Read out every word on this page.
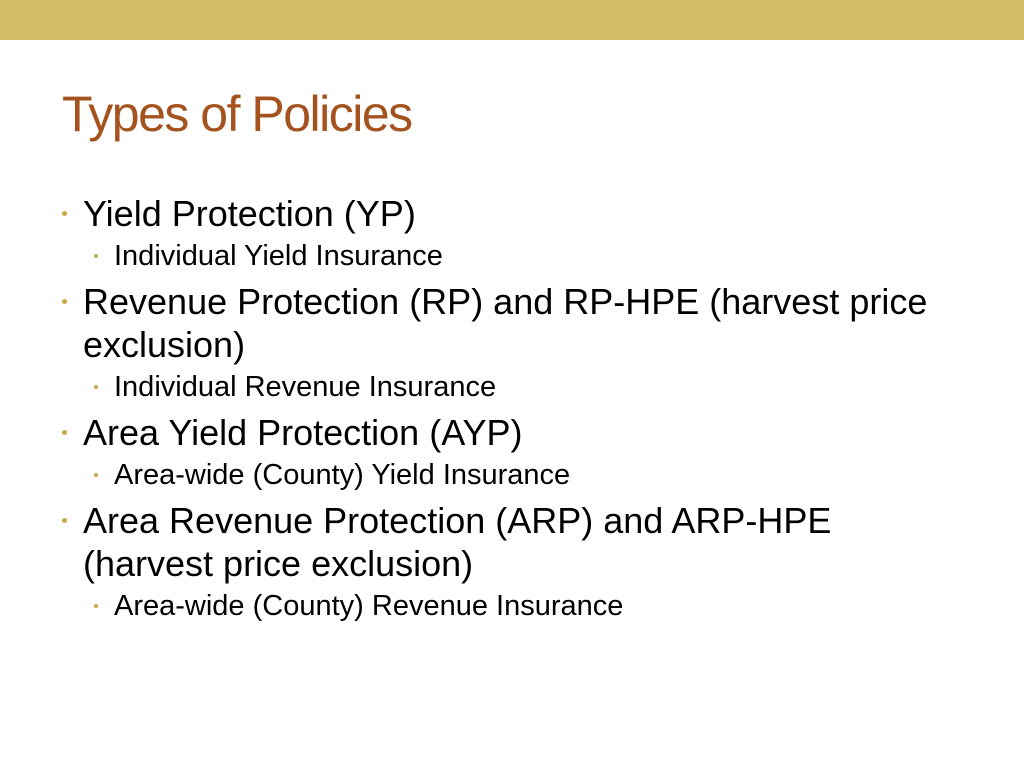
Types of Policies
Yield Protection (YP)
Individual Yield Insurance
Revenue Protection (RP) and RP-HPE (harvest price exclusion)
Individual Revenue Insurance
Area Yield Protection (AYP)
Area-wide (County) Yield Insurance
Area Revenue Protection (ARP) and ARP-HPE (harvest price exclusion)
Area-wide (County) Revenue Insurance
